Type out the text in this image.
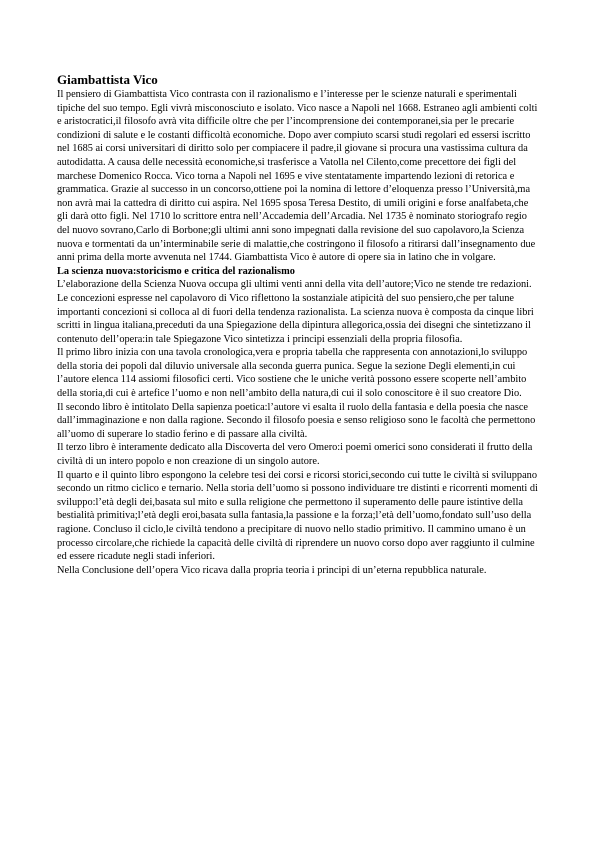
Giambattista Vico

Il pensiero di Giambattista Vico contrasta con il razionalismo e l’interesse per le scienze naturali e sperimentali tipiche del suo tempo. Egli vivrà misconosciuto e isolato. Vico nasce a Napoli nel 1668. Estraneo agli ambienti colti e aristocratici,il filosofo avrà vita difficile oltre che per l’incomprensione dei contemporanei,sia per le precarie condizioni di salute e le costanti difficoltà economiche. Dopo aver compiuto scarsi studi regolari ed essersi iscritto nel 1685 ai corsi universitari di diritto solo per compiacere il padre,il giovane si procura una vastissima cultura da autodidatta. A causa delle necessità economiche,si trasferisce a Vatolla nel Cilento,come precettore dei figli del marchese Domenico Rocca. Vico torna a Napoli nel 1695 e vive stentatamente impartendo lezioni di retorica e grammatica. Grazie al successo in un concorso,ottiene poi la nomina di lettore d’eloquenza presso l’Università,ma non avrà mai la cattedra di diritto cui aspira. Nel 1695 sposa Teresa Destito, di umili origini e forse analfabeta,che gli darà otto figli. Nel 1710 lo scrittore entra nell’Accademia dell’Arcadia. Nel 1735 è nominato storiografo regio del nuovo sovrano,Carlo di Borbone;gli ultimi anni sono impegnati dalla revisione del suo capolavoro,la Scienza nuova e tormentati da un’interminabile serie di malattie,che costringono il filosofo a ritirarsi dall’insegnamento due anni prima della morte avvenuta nel 1744. Giambattista Vico è autore di opere sia in latino che in volgare.

La scienza nuova:storicismo e critica del razionalismo

L’elaborazione della Scienza Nuova occupa gli ultimi venti anni della vita dell’autore;Vico ne stende tre redazioni. Le concezioni espresse nel capolavoro di Vico riflettono la sostanziale atipicità del suo pensiero,che per talune importanti concezioni si colloca al di fuori della tendenza razionalista. La scienza nuova è composta da cinque libri scritti in lingua italiana,preceduti da una Spiegazione della dipintura allegorica,ossia dei disegni che sintetizzano il contenuto dell’opera:in tale Spiegazone Vico sintetizza i principi essenziali della propria filosofia.

Il primo libro inizia con una tavola cronologica,vera e propria tabella che rappresenta con annotazioni,lo sviluppo della storia dei popoli dal diluvio universale alla seconda guerra punica. Segue la sezione Degli elementi,in cui l’autore elenca 114 assiomi filosofici certi. Vico sostiene che le uniche verità possono essere scoperte nell’ambito della storia,di cui è artefice l’uomo e non nell’ambito della natura,di cui il solo conoscitore è il suo creatore Dio.

Il secondo libro è intitolato Della sapienza poetica:l’autore vi esalta il ruolo della fantasia e della poesia che nasce dall’immaginazione e non dalla ragione. Secondo il filosofo poesia e senso religioso sono le facoltà che permettono all’uomo di superare lo stadio ferino e di passare alla civiltà.

Il terzo libro è interamente dedicato alla Discoverta del vero Omero:i poemi omerici sono considerati il frutto della civiltà di un intero popolo e non creazione di un singolo autore.

Il quarto e il quinto libro espongono la celebre tesi dei corsi e ricorsi storici,secondo cui tutte le civiltà si sviluppano secondo un ritmo ciclico e ternario. Nella storia dell’uomo si possono individuare tre distinti e ricorrenti momenti di sviluppo:l’età degli dei,basata sul mito e sulla religione che permettono il superamento delle paure istintive della bestialità primitiva;l’età degli eroi,basata sulla fantasia,la passione e la forza;l’età dell’uomo,fondato sull’uso della ragione. Concluso il ciclo,le civiltà tendono a precipitare di nuovo nello stadio primitivo. Il cammino umano è un processo circolare,che richiede la capacità delle civiltà di riprendere un nuovo corso dopo aver raggiunto il culmine ed essere ricadute negli stadi inferiori.

Nella Conclusione dell’opera Vico ricava dalla propria teoria i principi di un’eterna repubblica naturale.
